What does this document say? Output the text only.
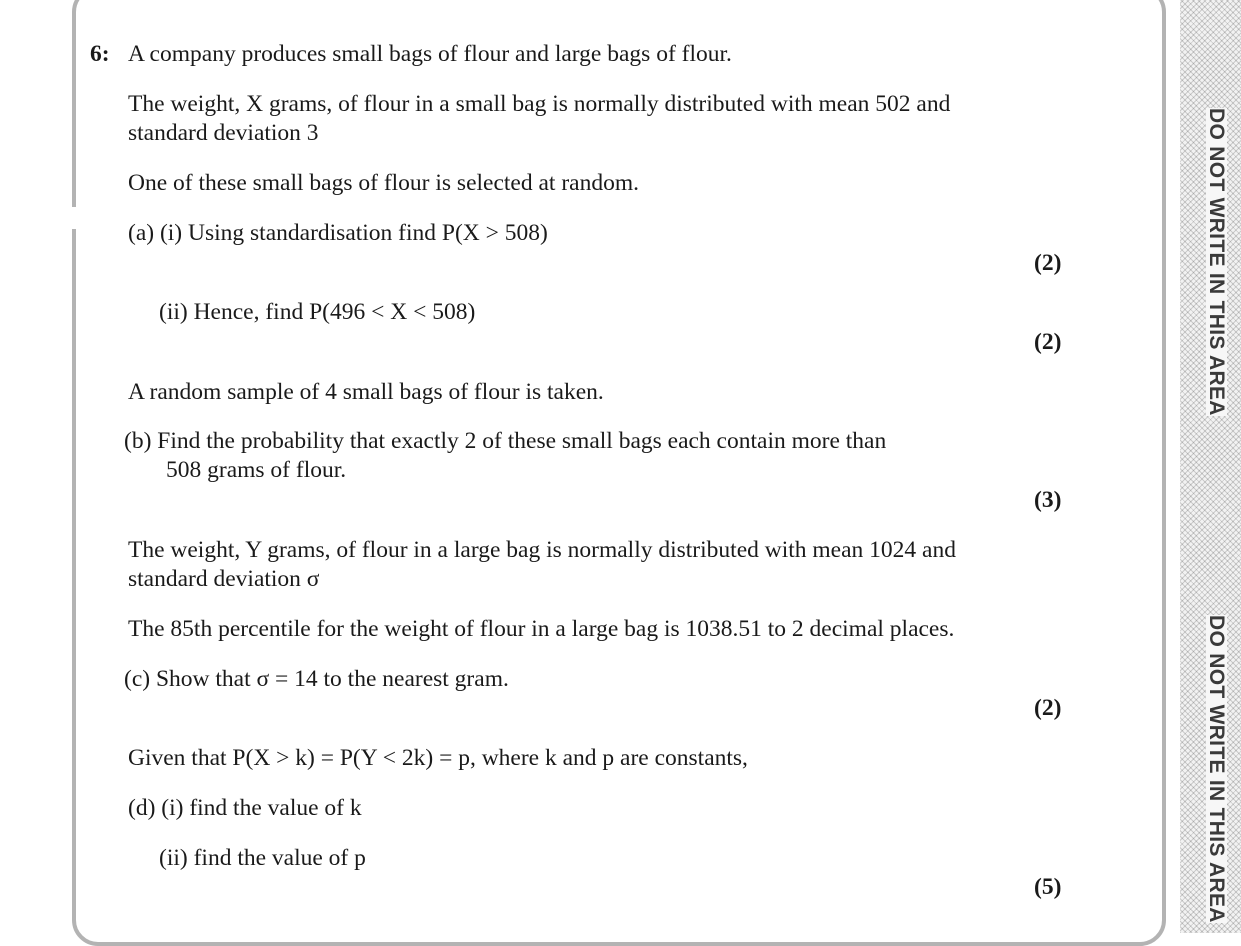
DO NOT WRITE IN THIS AREA
DO NOT WRITE IN THIS AREA
6: A company produces small bags of flour and large bags of flour.
The weight, X grams, of flour in a small bag is normally distributed with mean 502 and
standard deviation 3
One of these small bags of flour is selected at random.
(a) (i) Using standardisation find P(X > 508)
(2)
(ii) Hence, find P(496 < X < 508)
(2)
A random sample of 4 small bags of flour is taken.
(b) Find the probability that exactly 2 of these small bags each contain more than
508 grams of flour.
(3)
The weight, Y grams, of flour in a large bag is normally distributed with mean 1024 and
standard deviation σ
The 85th percentile for the weight of flour in a large bag is 1038.51 to 2 decimal places.
(c) Show that σ = 14 to the nearest gram.
(2)
Given that P(X > k) = P(Y < 2k) = p, where k and p are constants,
(d) (i) find the value of k
(ii) find the value of p
(5)
